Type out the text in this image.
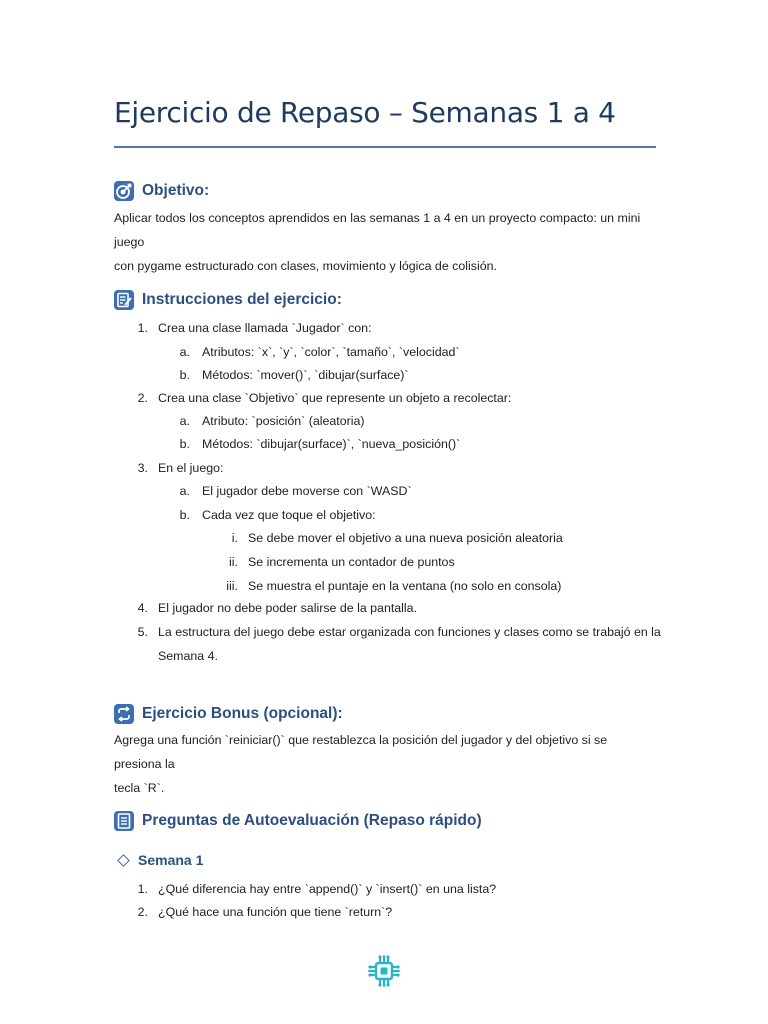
Ejercicio de Repaso – Semanas 1 a 4
Objetivo:
Aplicar todos los conceptos aprendidos en las semanas 1 a 4 en un proyecto compacto: un mini juego
con pygame estructurado con clases, movimiento y lógica de colisión.
Instrucciones del ejercicio:
1. Crea una clase llamada `Jugador` con:
a. Atributos: `x`, `y`, `color`, `tamaño`, `velocidad`
b. Métodos: `mover()`, `dibujar(surface)`
2. Crea una clase `Objetivo` que represente un objeto a recolectar:
a. Atributo: `posición` (aleatoria)
b. Métodos: `dibujar(surface)`, `nueva_posición()`
3. En el juego:
a. El jugador debe moverse con `WASD`
b. Cada vez que toque el objetivo:
i. Se debe mover el objetivo a una nueva posición aleatoria
ii. Se incrementa un contador de puntos
iii. Se muestra el puntaje en la ventana (no solo en consola)
4. El jugador no debe poder salirse de la pantalla.
5. La estructura del juego debe estar organizada con funciones y clases como se trabajó en la
Semana 4.
Ejercicio Bonus (opcional):
Agrega una función `reiniciar()` que restablezca la posición del jugador y del objetivo si se presiona la
tecla `R`.
Preguntas de Autoevaluación (Repaso rápido)
Semana 1
1. ¿Qué diferencia hay entre `append()` y `insert()` en una lista?
2. ¿Qué hace una función que tiene `return`?
